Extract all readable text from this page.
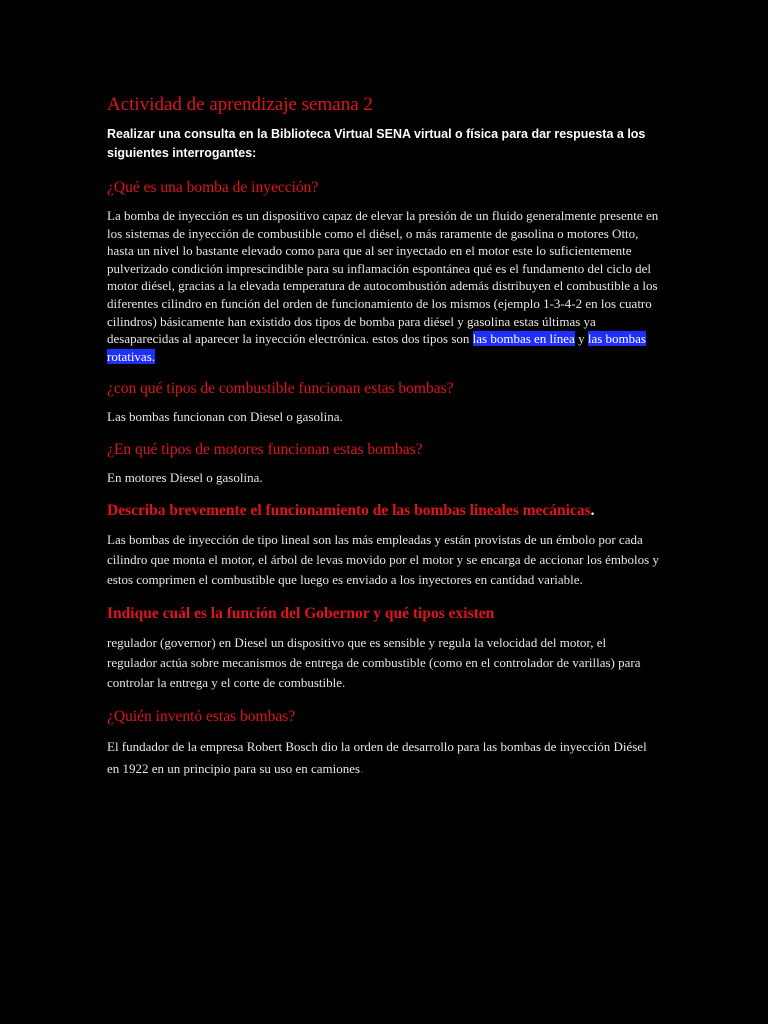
Actividad de aprendizaje semana 2

Realizar una consulta en la Biblioteca Virtual SENA virtual o física para dar respuesta a los siguientes interrogantes:

¿Qué es una bomba de inyección?

La bomba de inyección es un dispositivo capaz de elevar la presión de un fluido generalmente presente en los sistemas de inyección de combustible como el diésel, o más raramente de gasolina o motores Otto, hasta un nivel lo bastante elevado como para que al ser inyectado en el motor este lo suficientemente pulverizado condición imprescindible para su inflamación espontánea qué es el fundamento del ciclo del motor diésel, gracias a la elevada temperatura de autocombustión además distribuyen el combustible a los diferentes cilindro en función del orden de funcionamiento de los mismos (ejemplo 1-3-4-2 en los cuatro cilindros) básicamente han existido dos tipos de bomba para diésel y gasolina estas últimas ya desaparecidas al aparecer la inyección electrónica. estos dos tipos son las bombas en línea y las bombas rotativas.

¿con qué tipos de combustible funcionan estas bombas?

Las bombas funcionan con Diesel o gasolina.

¿En qué tipos de motores funcionan estas bombas?

En motores Diesel o gasolina.

Describa brevemente el funcionamiento de las bombas lineales mecánicas.

Las bombas de inyección de tipo lineal son las más empleadas y están provistas de un émbolo por cada cilindro que monta el motor, el árbol de levas movido por el motor y se encarga de accionar los émbolos y estos comprimen el combustible que luego es enviado a los inyectores en cantidad variable.

Indique cuál es la función del Gobernor y qué tipos existen

regulador (governor) en Diesel un dispositivo que es sensible y regula la velocidad del motor, el regulador actúa sobre mecanismos de entrega de combustible (como en el controlador de varillas) para controlar la entrega y el corte de combustible.

¿Quién inventó estas bombas?

El fundador de la empresa Robert Bosch dio la orden de desarrollo para las bombas de inyección Diésel en 1922 en un principio para su uso en camiones.
